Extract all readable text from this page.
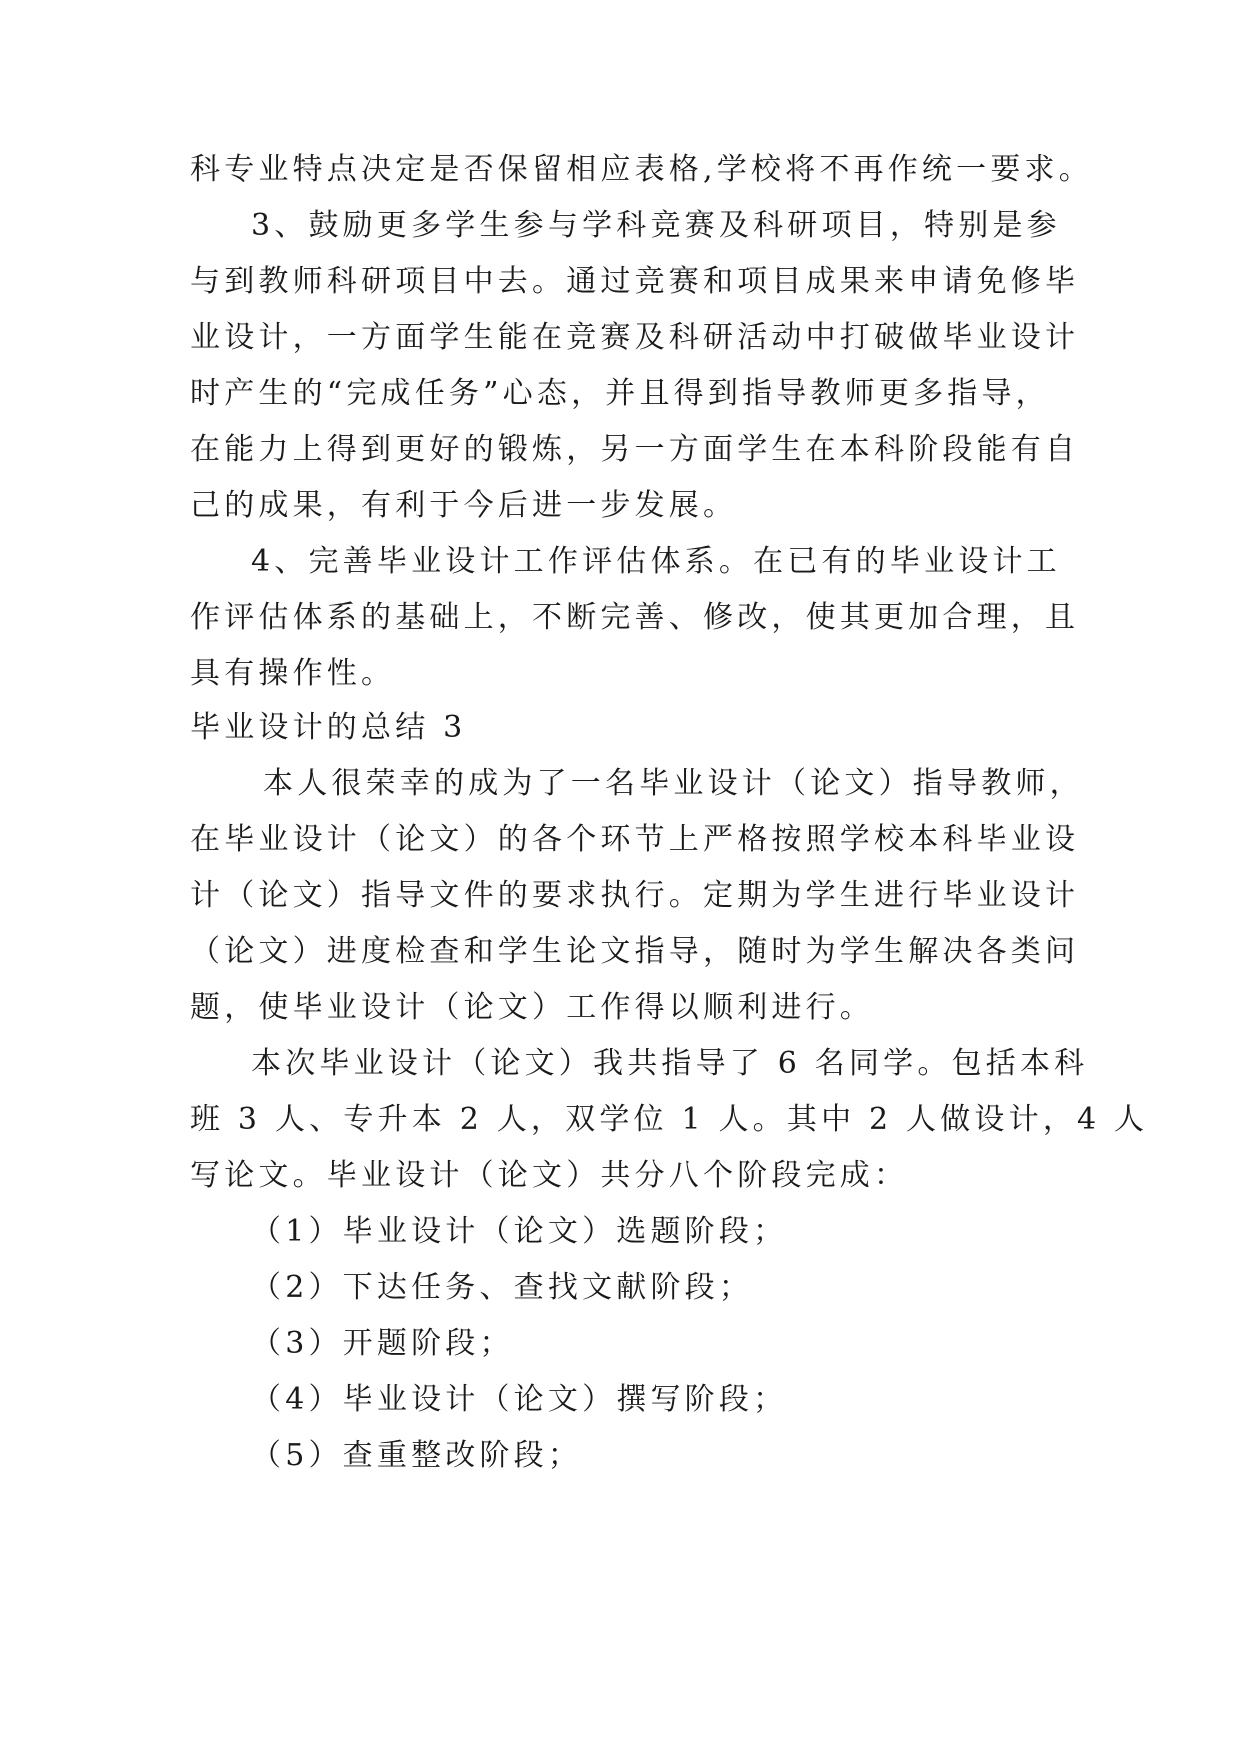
科专业特点决定是否保留相应表格,学校将不再作统一要求。
3、鼓励更多学生参与学科竞赛及科研项目，特别是参
与到教师科研项目中去。通过竞赛和项目成果来申请免修毕
业设计，一方面学生能在竞赛及科研活动中打破做毕业设计
时产生的“完成任务”心态，并且得到指导教师更多指导，
在能力上得到更好的锻炼，另一方面学生在本科阶段能有自
己的成果，有利于今后进一步发展。
4、完善毕业设计工作评估体系。在已有的毕业设计工
作评估体系的基础上，不断完善、修改，使其更加合理，且
具有操作性。
毕业设计的总结 3
本人很荣幸的成为了一名毕业设计（论文）指导教师，
在毕业设计（论文）的各个环节上严格按照学校本科毕业设
计（论文）指导文件的要求执行。定期为学生进行毕业设计
（论文）进度检查和学生论文指导，随时为学生解决各类问
题，使毕业设计（论文）工作得以顺利进行。
本次毕业设计（论文）我共指导了 6 名同学。包括本科
班 3 人、专升本 2 人，双学位 1 人。其中 2 人做设计，4 人
写论文。毕业设计（论文）共分八个阶段完成：
（1）毕业设计（论文）选题阶段；
（2）下达任务、查找文献阶段；
（3）开题阶段；
（4）毕业设计（论文）撰写阶段；
（5）查重整改阶段；
